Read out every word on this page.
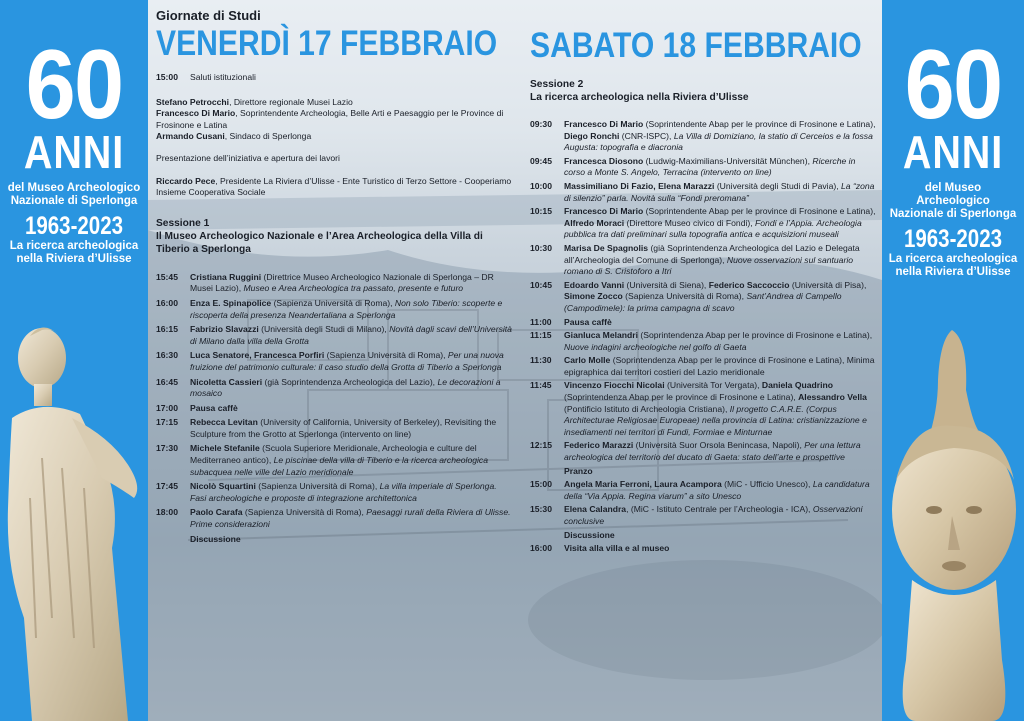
60
ANNI
del Museo Archeologico
Nazionale di Sperlonga
1963-2023
La ricerca archeologica
nella Riviera d’Ulisse
Giornate di Studi
VENERDÌ 17 FEBBRAIO
15:00	Saluti istituzionali
Stefano Petrocchi, Direttore regionale Musei Lazio
Francesco Di Mario, Soprintendente Archeologia, Belle Arti e Paesaggio per le Province di Frosinone e Latina
Armando Cusani, Sindaco di Sperlonga
Presentazione dell’iniziativa e apertura dei lavori
Riccardo Pece, Presidente La Riviera d’Ulisse - Ente Turistico di Terzo Settore - Cooperiamo Insieme Cooperativa Sociale
Sessione 1
Il Museo Archeologico Nazionale e l’Area Archeologica della Villa di Tiberio a Sperlonga
15:45	Cristiana Ruggini (Direttrice Museo Archeologico Nazionale di Sperlonga – DR Musei Lazio), Museo e Area Archeologica tra passato, presente e futuro
16:00	Enza E. Spinapolice (Sapienza Università di Roma), Non solo Tiberio: scoperte e riscoperta della presenza Neandertaliana a Sperlonga
16:15	Fabrizio Slavazzi (Università degli Studi di Milano), Novità dagli scavi dell’Università di Milano dalla villa della Grotta
16:30	Luca Senatore, Francesca Porfiri (Sapienza Università di Roma), Per una nuova fruizione del patrimonio culturale: il caso studio della Grotta di Tiberio a Sperlonga
16:45	Nicoletta Cassieri (già Soprintendenza Archeologica del Lazio), Le decorazioni a mosaico
17:00	Pausa caffè
17:15	Rebecca Levitan (University of California, University of Berkeley), Revisiting the Sculpture from the Grotto at Sperlonga (intervento on line)
17:30	Michele Stefanile (Scuola Superiore Meridionale, Archeologia e culture del Mediterraneo antico), Le piscinae della villa di Tiberio e la ricerca archeologica subacquea nelle ville del Lazio meridionale
17:45	Nicolò Squartini (Sapienza Università di Roma), La villa imperiale di Sperlonga. Fasi archeologiche e proposte di integrazione architettonica
18:00	Paolo Carafa (Sapienza Università di Roma), Paesaggi rurali della Riviera di Ulisse. Prime considerazioni
Discussione
SABATO 18 FEBBRAIO
Sessione 2
La ricerca archeologica nella Riviera d’Ulisse
09:30	Francesco Di Mario (Soprintendente Abap per le province di Frosinone e Latina), Diego Ronchi (CNR-ISPC), La Villa di Domiziano, la statio di Cerceios e la fossa Augusta: topografia e diacronia
09:45	Francesca Diosono (Ludwig-Maximilians-Universität München), Ricerche in corso a Monte S. Angelo, Terracina (intervento on line)
10:00	Massimiliano Di Fazio, Elena Marazzi (Università degli Studi di Pavia), La “zona di silenzio” parla. Novità sulla “Fondi preromana”
10:15	Francesco Di Mario (Soprintendente Abap per le province di Frosinone e Latina), Alfredo Moraci (Direttore Museo civico di Fondi), Fondi e l’Appia. Archeologia pubblica tra dati preliminari sulla topografia antica e acquisizioni museali
10:30	Marisa De Spagnolis (già Soprintendenza Archeologica del Lazio e Delegata all’Archeologia del Comune di Sperlonga), Nuove osservazioni sul santuario romano di S. Cristoforo a Itri
10:45	Edoardo Vanni (Università di Siena), Federico Saccoccio (Università di Pisa), Simone Zocco (Sapienza Università di Roma), Sant’Andrea di Campello (Campodimele): la prima campagna di scavo
11:00	Pausa caffè
11:15	Gianluca Melandri (Soprintendenza Abap per le province di Frosinone e Latina), Nuove indagini archeologiche nel golfo di Gaeta
11:30	Carlo Molle (Soprintendenza Abap per le province di Frosinone e Latina), Minima epigraphica dai territori costieri del Lazio meridionale
11:45	Vincenzo Fiocchi Nicolai (Università Tor Vergata), Daniela Quadrino (Soprintendenza Abap per le province di Frosinone e Latina), Alessandro Vella (Pontificio Istituto di Archeologia Cristiana), Il progetto C.A.R.E. (Corpus Architecturae Religiosae Europeae) nella provincia di Latina: cristianizzazione e insediamenti nei territori di Fundi, Formiae e Minturnae
12:15	Federico Marazzi (Università Suor Orsola Benincasa, Napoli), Per una lettura archeologica del territorio del ducato di Gaeta: stato dell’arte e prospettive
Pranzo
15:00	Angela Maria Ferroni, Laura Acampora (MiC - Ufficio Unesco), La candidatura della “Via Appia. Regina viarum” a sito Unesco
15:30	Elena Calandra, (MiC - Istituto Centrale per l’Archeologia - ICA), Osservazioni conclusive
Discussione
16:00	Visita alla villa e al museo
60
ANNI
del Museo Archeologico
Nazionale di Sperlonga
1963-2023
La ricerca archeologica
nella Riviera d’Ulisse
